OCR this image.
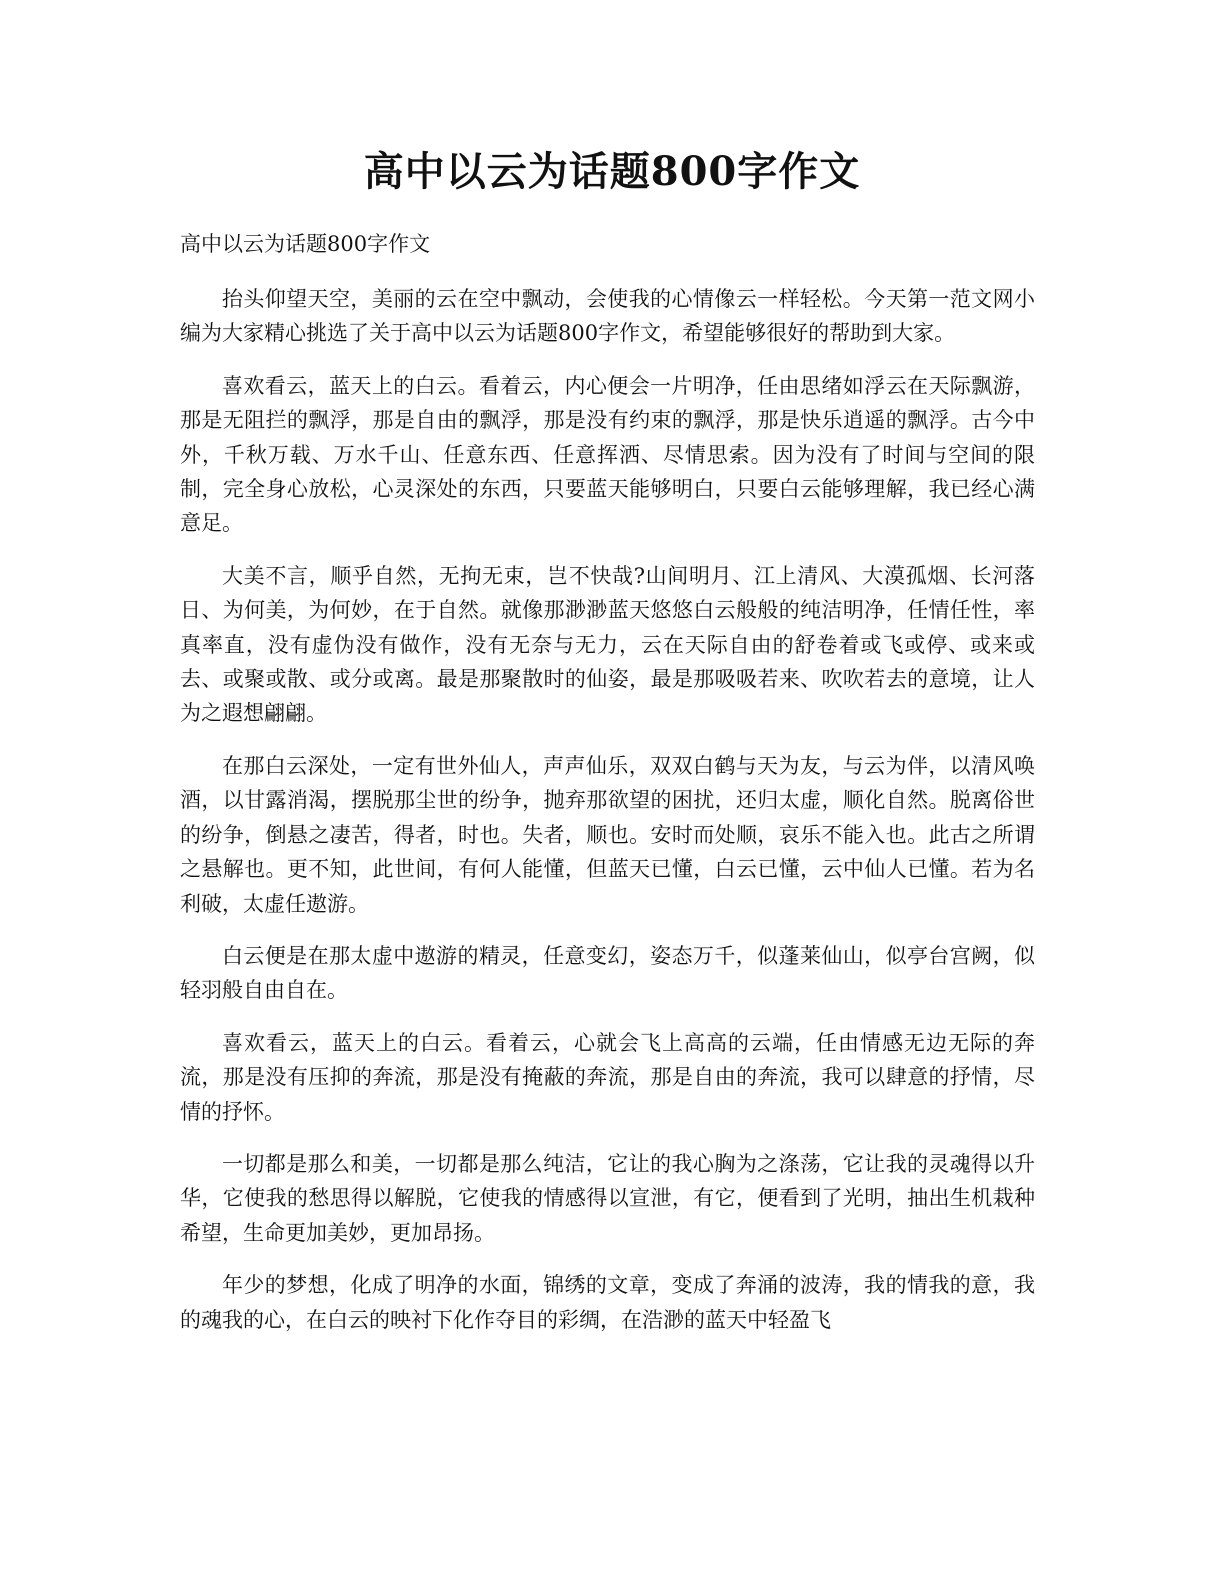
高中以云为话题800字作文

高中以云为话题800字作文

抬头仰望天空，美丽的云在空中飘动，会使我的心情像云一样轻松。今天第一范文网小编为大家精心挑选了关于高中以云为话题800字作文，希望能够很好的帮助到大家。

喜欢看云，蓝天上的白云。看着云，内心便会一片明净，任由思绪如浮云在天际飘游，那是无阻拦的飘浮，那是自由的飘浮，那是没有约束的飘浮，那是快乐逍遥的飘浮。古今中外，千秋万载、万水千山、任意东西、任意挥洒、尽情思索。因为没有了时间与空间的限制，完全身心放松，心灵深处的东西，只要蓝天能够明白，只要白云能够理解，我已经心满意足。

大美不言，顺乎自然，无拘无束，岂不快哉?山间明月、江上清风、大漠孤烟、长河落日、为何美，为何妙，在于自然。就像那渺渺蓝天悠悠白云般般的纯洁明净，任情任性，率真率直，没有虚伪没有做作，没有无奈与无力，云在天际自由的舒卷着或飞或停、或来或去、或聚或散、或分或离。最是那聚散时的仙姿，最是那吸吸若来、吹吹若去的意境，让人为之遐想翩翩。

在那白云深处，一定有世外仙人，声声仙乐，双双白鹤与天为友，与云为伴，以清风唤酒，以甘露消渴，摆脱那尘世的纷争，抛弃那欲望的困扰，还归太虚，顺化自然。脱离俗世的纷争，倒悬之凄苦，得者，时也。失者，顺也。安时而处顺，哀乐不能入也。此古之所谓之悬解也。更不知，此世间，有何人能懂，但蓝天已懂，白云已懂，云中仙人已懂。若为名利破，太虚任遨游。

白云便是在那太虚中遨游的精灵，任意变幻，姿态万千，似蓬莱仙山，似亭台宫阙，似轻羽般自由自在。

喜欢看云，蓝天上的白云。看着云，心就会飞上高高的云端，任由情感无边无际的奔流，那是没有压抑的奔流，那是没有掩蔽的奔流，那是自由的奔流，我可以肆意的抒情，尽情的抒怀。

一切都是那么和美，一切都是那么纯洁，它让的我心胸为之涤荡，它让我的灵魂得以升华，它使我的愁思得以解脱，它使我的情感得以宣泄，有它，便看到了光明，抽出生机栽种希望，生命更加美妙，更加昂扬。

年少的梦想，化成了明净的水面，锦绣的文章，变成了奔涌的波涛，我的情我的意，我的魂我的心，在白云的映衬下化作夺目的彩绸，在浩渺的蓝天中轻盈飞
